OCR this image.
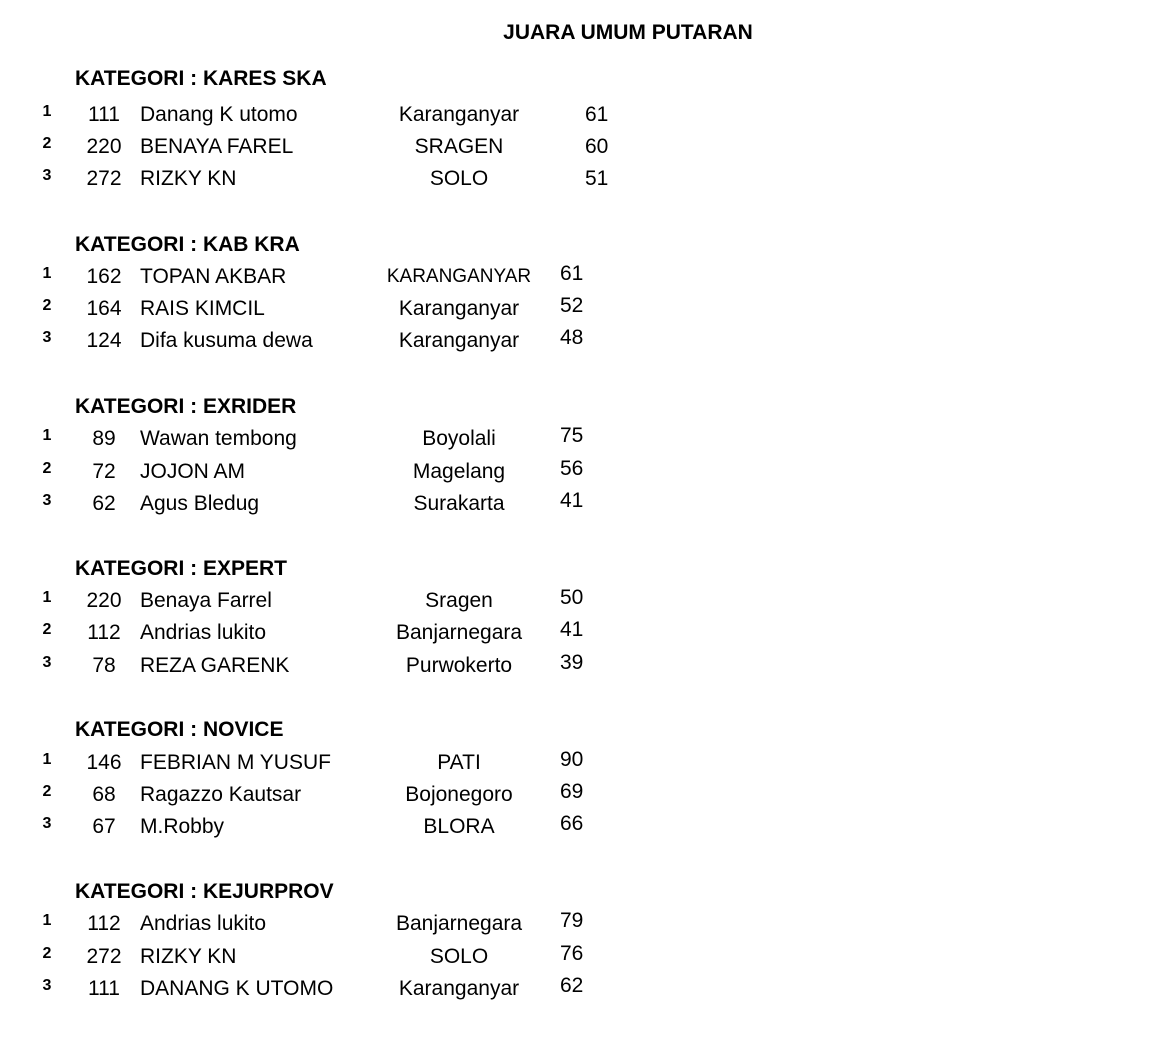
JUARA UMUM PUTARAN
KATEGORI : KARES SKA
1	111 Danang K utomo	Karanganyar	61
2	220 BENAYA FAREL	SRAGEN	60
3	272 RIZKY KN	SOLO	51
KATEGORI : KAB KRA
1	162 TOPAN AKBAR	KARANGANYAR	61
2	164 RAIS KIMCIL	Karanganyar	52
3	124 Difa kusuma dewa	Karanganyar	48
KATEGORI : EXRIDER
1	89	Wawan tembong	Boyolali	75
2	72	JOJON AM	Magelang	56
3	62	Agus Bledug	Surakarta	41
KATEGORI : EXPERT
1	220 Benaya Farrel	Sragen	50
2	112 Andrias lukito	Banjarnegara	41
3	78	REZA GARENK	Purwokerto	39
KATEGORI : NOVICE
1	146 FEBRIAN M YUSUF	PATI	90
2	68	Ragazzo Kautsar	Bojonegoro	69
3	67	M.Robby	BLORA	66
KATEGORI : KEJURPROV
1	112 Andrias lukito	Banjarnegara	79
2	272 RIZKY KN	SOLO	76
3	111 DANANG K UTOMO	Karanganyar	62
